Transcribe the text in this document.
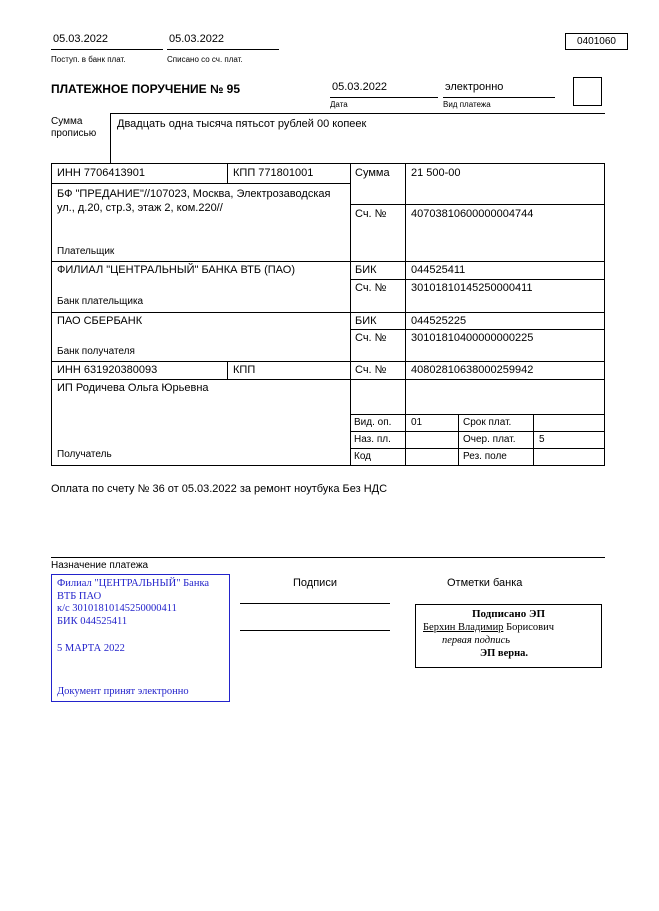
05.03.2022	05.03.2022
Поступ. в банк плат.	Списано со сч. плат.
0401060
ПЛАТЕЖНОЕ ПОРУЧЕНИЕ № 95	05.03.2022	электронно
Дата	Вид платежа
Сумма прописью
Двадцать одна тысяча пятьсот рублей 00 копеек
ИНН 7706413901	КПП 771801001	Сумма 21 500-00
БФ "ПРЕДАНИЕ"//107023, Москва, Электрозаводская ул., д.20, стр.3, этаж 2, ком.220//	Сч. № 40703810600000004744
Плательщик
ФИЛИАЛ "ЦЕНТРАЛЬНЫЙ" БАНКА ВТБ (ПАО)	БИК	044525411
Сч. № 30101810145250000411
Банк плательщика
ПАО СБЕРБАНК	БИК	044525225
Сч. № 30101810400000000225
Банк получателя
ИНН 631920380093	КПП	Сч. № 40802810638000259942
ИП Родичева Ольга Юрьевна
Получатель
Вид. оп. 01	Срок плат.
Наз. пл.	Очер. плат. 5
Код	Рез. поле
Оплата по счету № 36 от 05.03.2022 за ремонт ноутбука Без НДС
Назначение платежа
Филиал "ЦЕНТРАЛЬНЫЙ" Банка
ВТБ ПАО
к/с 30101810145250000411
БИК 044525411
5 МАРТА 2022
Документ принят электронно
Подписи	Отметки банка
Подписано ЭП
Берхин Владимир Борисович
первая подпись
ЭП верна.
